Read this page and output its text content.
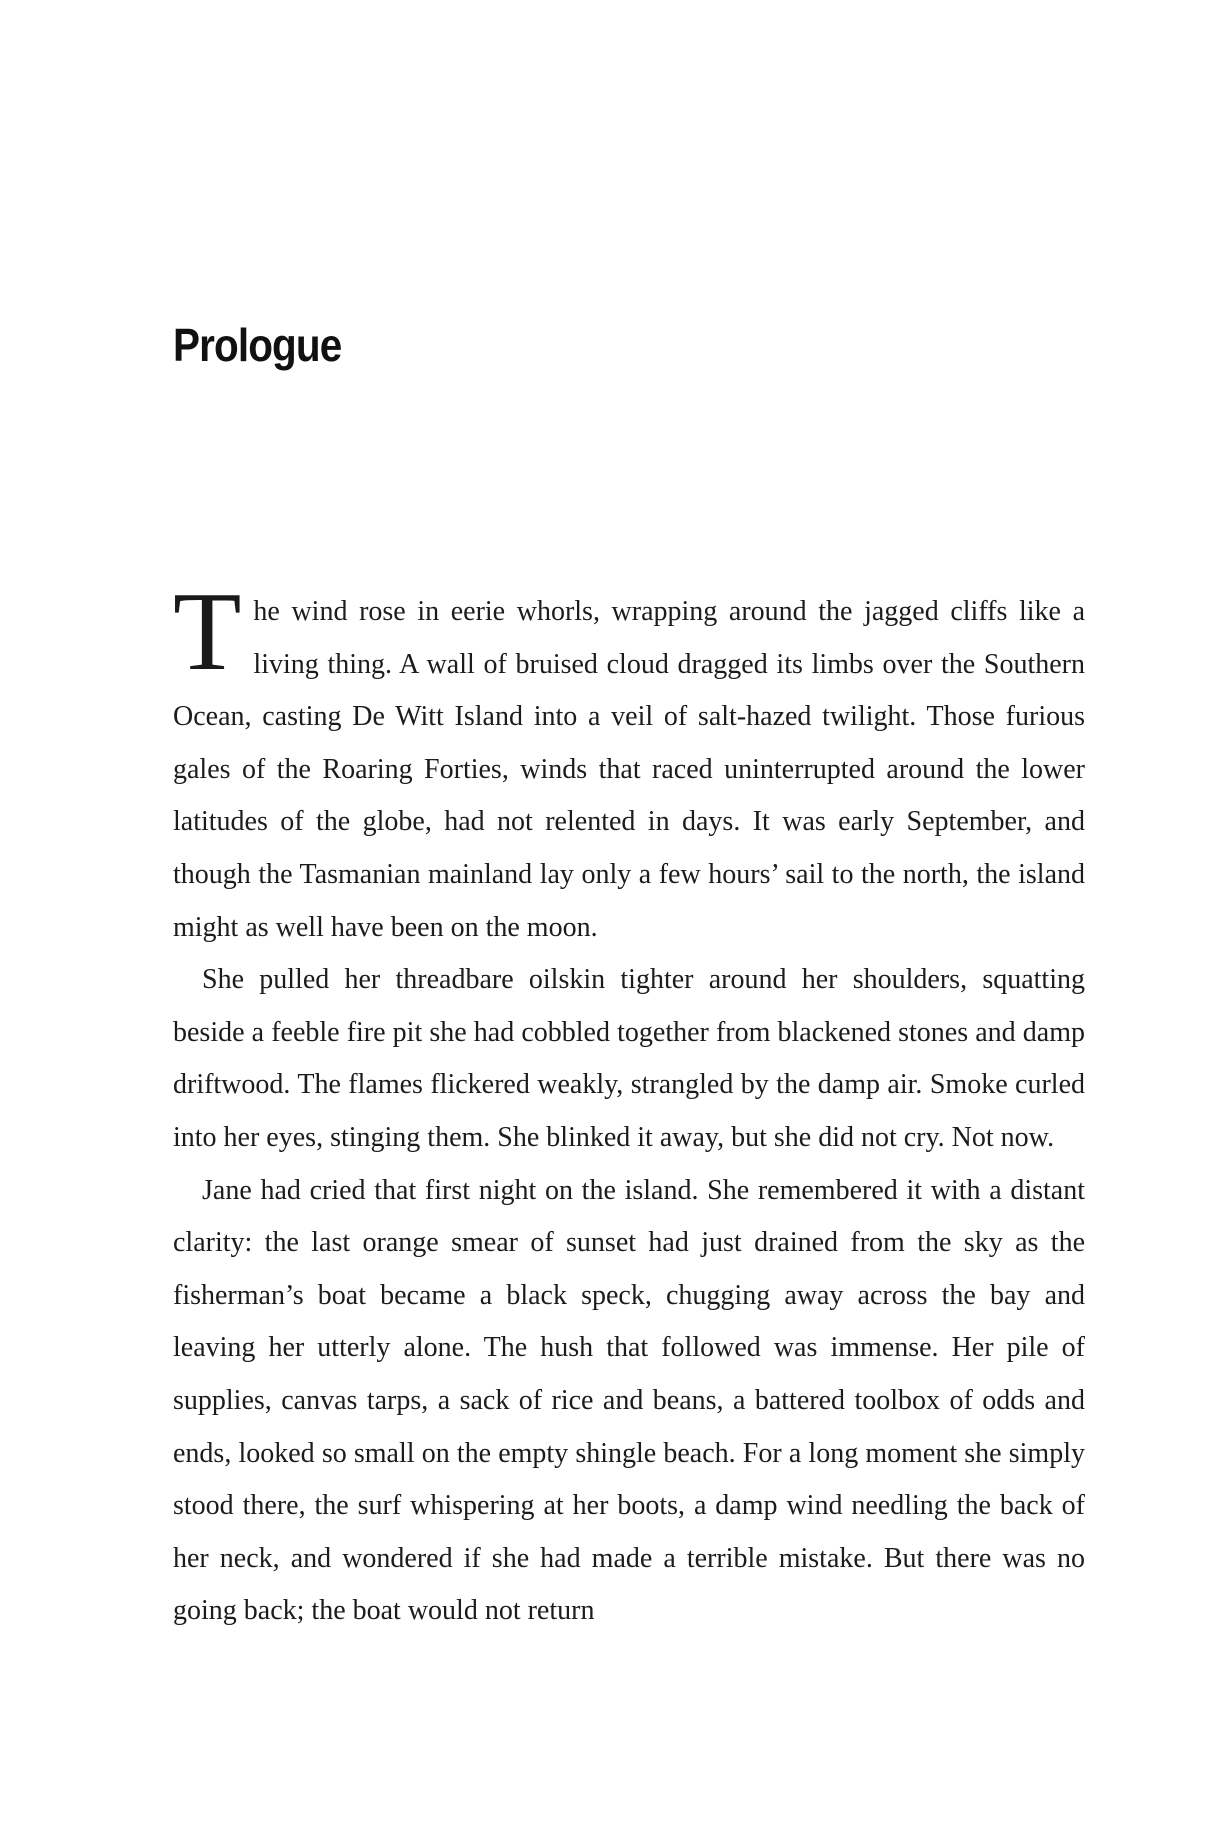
Prologue

The wind rose in eerie whorls, wrapping around the jagged cliffs like a living thing. A wall of bruised cloud dragged its limbs over the Southern Ocean, casting De Witt Island into a veil of salt-hazed twilight. Those furious gales of the Roaring Forties, winds that raced uninterrupted around the lower latitudes of the globe, had not relented in days. It was early September, and though the Tasmanian mainland lay only a few hours’ sail to the north, the island might as well have been on the moon.

She pulled her threadbare oilskin tighter around her shoulders, squatting beside a feeble fire pit she had cobbled together from blackened stones and damp driftwood. The flames flickered weakly, strangled by the damp air. Smoke curled into her eyes, stinging them. She blinked it away, but she did not cry. Not now.

Jane had cried that first night on the island. She remembered it with a distant clarity: the last orange smear of sunset had just drained from the sky as the fisherman’s boat became a black speck, chugging away across the bay and leaving her utterly alone. The hush that followed was immense. Her pile of supplies, canvas tarps, a sack of rice and beans, a battered toolbox of odds and ends, looked so small on the empty shingle beach. For a long moment she simply stood there, the surf whispering at her boots, a damp wind needling the back of her neck, and wondered if she had made a terrible mistake. But there was no going back; the boat would not return
